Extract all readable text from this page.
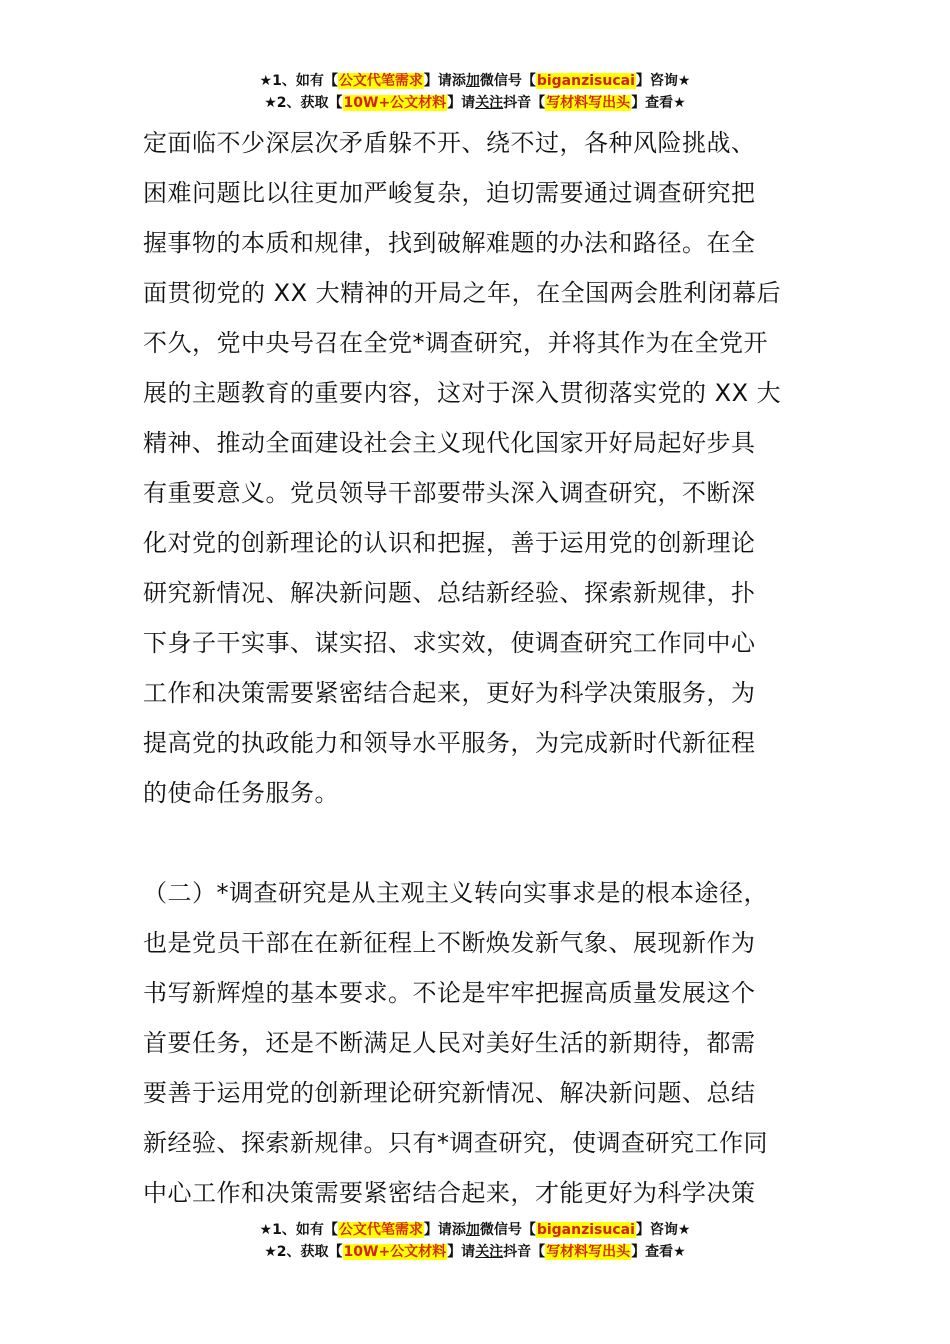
★1、如有【公文代笔需求】请添加微信号【biganzisucai】咨询★
★2、获取【10W+公文材料】请关注抖音【写材料写出头】查看★
定面临不少深层次矛盾躲不开、绕不过，各种风险挑战、
困难问题比以往更加严峻复杂，迫切需要通过调查研究把
握事物的本质和规律，找到破解难题的办法和路径。在全
面贯彻党的 XX 大精神的开局之年，在全国两会胜利闭幕后
不久，党中央号召在全党*调查研究，并将其作为在全党开
展的主题教育的重要内容，这对于深入贯彻落实党的 XX 大
精神、推动全面建设社会主义现代化国家开好局起好步具
有重要意义。党员领导干部要带头深入调查研究，不断深
化对党的创新理论的认识和把握，善于运用党的创新理论
研究新情况、解决新问题、总结新经验、探索新规律，扑
下身子干实事、谋实招、求实效，使调查研究工作同中心
工作和决策需要紧密结合起来，更好为科学决策服务，为
提高党的执政能力和领导水平服务，为完成新时代新征程
的使命任务服务。
（二）*调查研究是从主观主义转向实事求是的根本途径，
也是党员干部在在新征程上不断焕发新气象、展现新作为
书写新辉煌的基本要求。不论是牢牢把握高质量发展这个
首要任务，还是不断满足人民对美好生活的新期待，都需
要善于运用党的创新理论研究新情况、解决新问题、总结
新经验、探索新规律。只有*调查研究，使调查研究工作同
中心工作和决策需要紧密结合起来，才能更好为科学决策
★1、如有【公文代笔需求】请添加微信号【biganzisucai】咨询★
★2、获取【10W+公文材料】请关注抖音【写材料写出头】查看★
